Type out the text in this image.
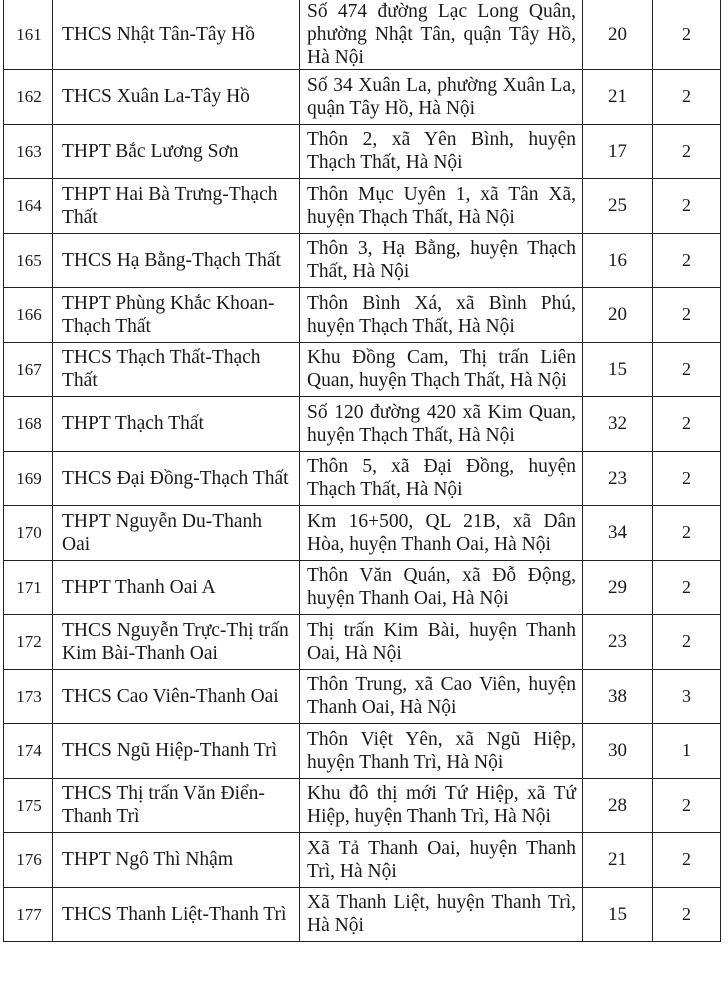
161	THCS Nhật Tân-Tây Hồ	Số 474 đường Lạc Long Quân, phường Nhật Tân, quận Tây Hồ, Hà Nội	20	2
162	THCS Xuân La-Tây Hồ	Số 34 Xuân La, phường Xuân La, quận Tây Hồ, Hà Nội	21	2
163	THPT Bắc Lương Sơn	Thôn 2, xã Yên Bình, huyện Thạch Thất, Hà Nội	17	2
164	THPT Hai Bà Trưng-Thạch Thất	Thôn Mục Uyên 1, xã Tân Xã, huyện Thạch Thất, Hà Nội	25	2
165	THCS Hạ Bằng-Thạch Thất	Thôn 3, Hạ Bằng, huyện Thạch Thất, Hà Nội	16	2
166	THPT Phùng Khắc Khoan-Thạch Thất	Thôn Bình Xá, xã Bình Phú, huyện Thạch Thất, Hà Nội	20	2
167	THCS Thạch Thất-Thạch Thất	Khu Đồng Cam, Thị trấn Liên Quan, huyện Thạch Thất, Hà Nội	15	2
168	THPT Thạch Thất	Số 120 đường 420 xã Kim Quan, huyện Thạch Thất, Hà Nội	32	2
169	THCS Đại Đồng-Thạch Thất	Thôn 5, xã Đại Đồng, huyện Thạch Thất, Hà Nội	23	2
170	THPT Nguyễn Du-Thanh Oai	Km 16+500, QL 21B, xã Dân Hòa, huyện Thanh Oai, Hà Nội	34	2
171	THPT Thanh Oai A	Thôn Văn Quán, xã Đỗ Động, huyện Thanh Oai, Hà Nội	29	2
172	THCS Nguyễn Trực-Thị trấn Kim Bài-Thanh Oai	Thị trấn Kim Bài, huyện Thanh Oai, Hà Nội	23	2
173	THCS Cao Viên-Thanh Oai	Thôn Trung, xã Cao Viên, huyện Thanh Oai, Hà Nội	38	3
174	THCS Ngũ Hiệp-Thanh Trì	Thôn Việt Yên, xã Ngũ Hiệp, huyện Thanh Trì, Hà Nội	30	1
175	THCS Thị trấn Văn Điển-Thanh Trì	Khu đô thị mới Tứ Hiệp, xã Tứ Hiệp, huyện Thanh Trì, Hà Nội	28	2
176	THPT Ngô Thì Nhậm	Xã Tả Thanh Oai, huyện Thanh Trì, Hà Nội	21	2
177	THCS Thanh Liệt-Thanh Trì	Xã Thanh Liệt, huyện Thanh Trì, Hà Nội	15	2
